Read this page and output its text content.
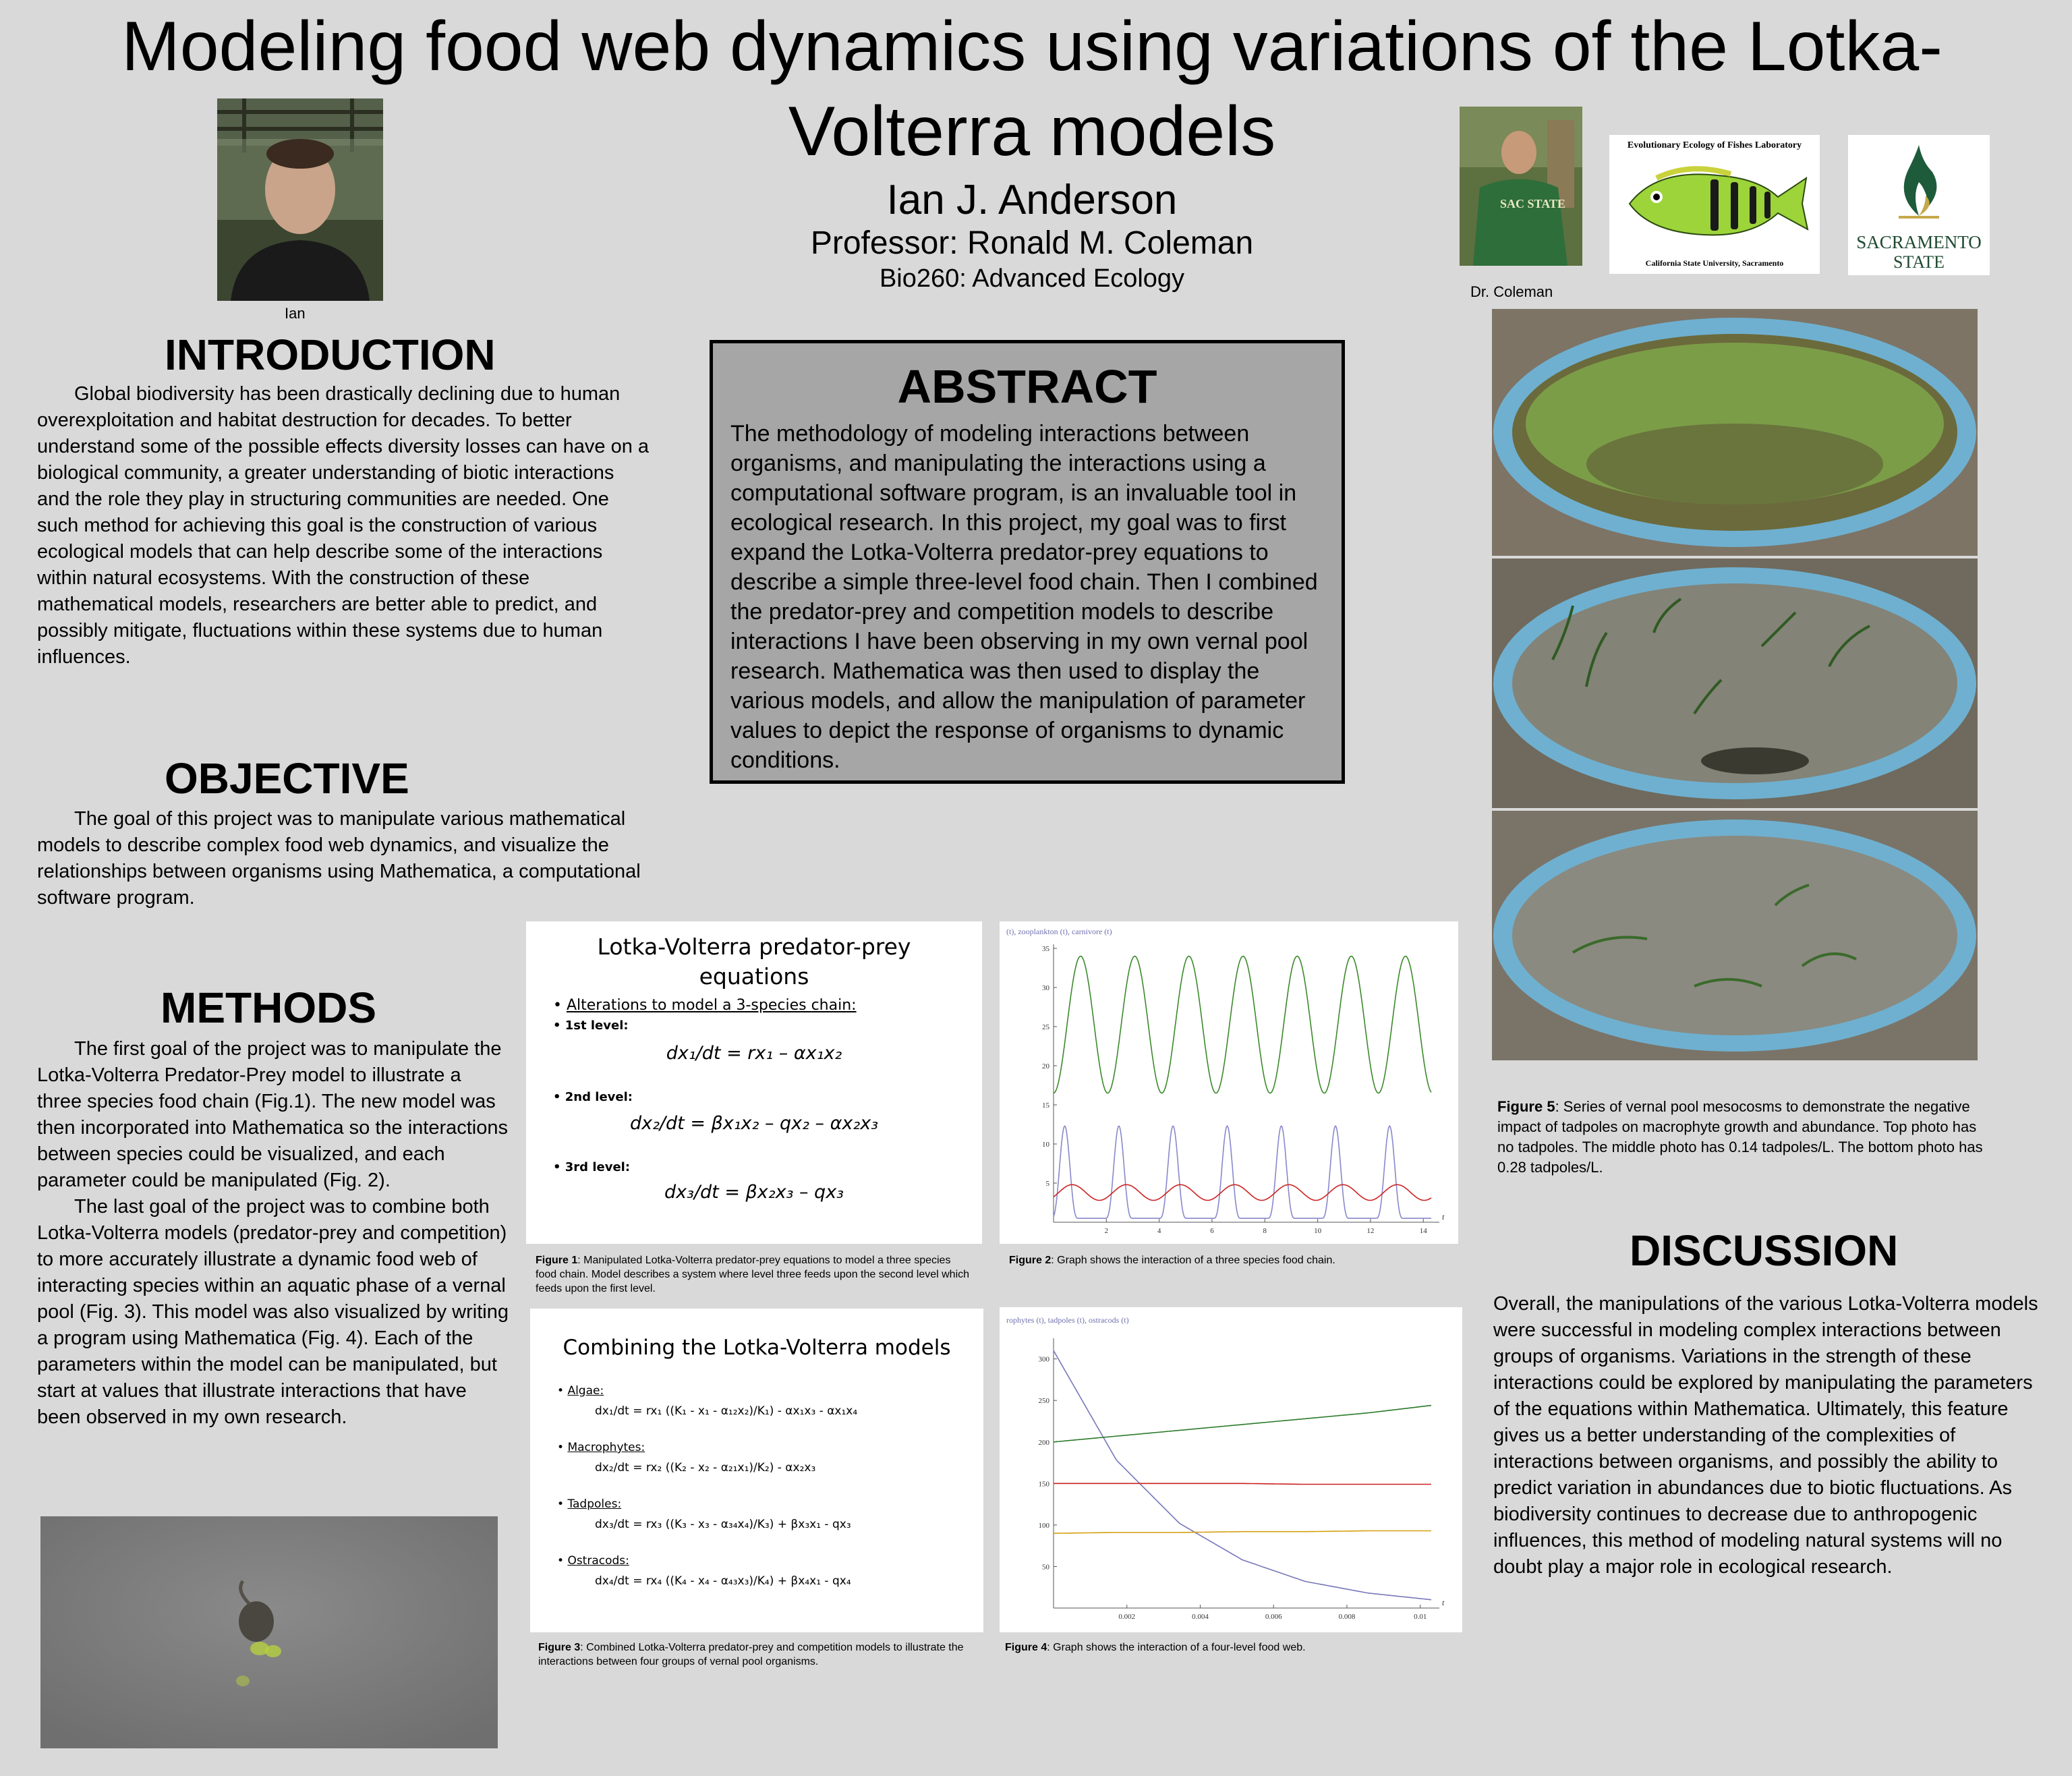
Modeling food web dynamics using variations of the Lotka-Volterra models
Ian J. Anderson
Professor: Ronald M. Coleman
Bio260: Advanced Ecology
Ian
SAC STATE
Dr. Coleman
Evolutionary Ecology of Fishes Laboratory
California State University, Sacramento
SACRAMENTO
STATE
INTRODUCTION

Global biodiversity has been drastically declining due to human overexploitation and habitat destruction for decades. To better understand some of the possible effects diversity losses can have on a biological community, a greater understanding of biotic interactions and the role they play in structuring communities are needed. One such method for achieving this goal is the construction of various ecological models that can help describe some of the interactions within natural ecosystems. With the construction of these mathematical models, researchers are better able to predict, and possibly mitigate, fluctuations within these systems due to human influences.

OBJECTIVE

The goal of this project was to manipulate various mathematical models to describe complex food web dynamics, and visualize the relationships between organisms using Mathematica, a computational software program.

METHODS

The first goal of the project was to manipulate the Lotka-Volterra Predator-Prey model to illustrate a three species food chain (Fig.1). The new model was then incorporated into Mathematica so the interactions between species could be visualized, and each parameter could be manipulated (Fig. 2).

The last goal of the project was to combine both Lotka-Volterra models (predator-prey and competition) to more accurately illustrate a dynamic food web of interacting species within an aquatic phase of a vernal pool (Fig. 3). This model was also visualized by writing a program using Mathematica (Fig. 4). Each of the parameters within the model can be manipulated, but start at values that illustrate interactions that have been observed in my own research.

ABSTRACT
The methodology of modeling interactions between organisms, and manipulating the interactions using a computational software program, is an invaluable tool in ecological research. In this project, my goal was to first expand the Lotka-Volterra predator-prey equations to describe a simple three-level food chain. Then I combined the predator-prey and competition models to describe interactions I have been observing in my own vernal pool research. Mathematica was then used to display the various models, and allow the manipulation of parameter values to depict the response of organisms to dynamic conditions.
Lotka-Volterra predator-prey
equations
• Alterations to model a 3-species chain:
• 1st level:
dx₁/dt = rx₁ – αx₁x₂
• 2nd level:
dx₂/dt = βx₁x₂ – qx₂ – αx₂x₃
• 3rd level:
dx₃/dt = βx₂x₃ – qx₃
Figure 1: Manipulated Lotka-Volterra predator-prey equations to model a three species food chain. Model describes a system where level three feeds upon the second level which feeds upon the first level.
(t), zooplankton (t), carnivore (t)
2	4	6	8	10	12	14
5
10
15
20
25
30
35
t
Figure 2: Graph shows the interaction of a three species food chain.
Combining the Lotka-Volterra models
• Algae:
dx₁/dt = rx₁ ((K₁ - x₁ - α₁₂x₂)/K₁) - αx₁x₃ - αx₁x₄
• Macrophytes:
dx₂/dt = rx₂ ((K₂ - x₂ - α₂₁x₁)/K₂) - αx₂x₃
• Tadpoles:
dx₃/dt = rx₃ ((K₃ - x₃ - α₃₄x₄)/K₃) + βx₃x₁ - qx₃
• Ostracods:
dx₄/dt = rx₄ ((K₄ - x₄ - α₄₃x₃)/K₄) + βx₄x₁ - qx₄
Figure 3: Combined Lotka-Volterra predator-prey and competition models to illustrate the interactions between four groups of vernal pool organisms.
rophytes (t), tadpoles (t), ostracods (t)
0.002	0.004	0.006	0.008	0.01
50
100
150
200
250
300
t
Figure 4: Graph shows the interaction of a four-level food web.
Figure 5: Series of vernal pool mesocosms to demonstrate the negative impact of tadpoles on macrophyte growth and abundance. Top photo has no tadpoles. The middle photo has 0.14 tadpoles/L. The bottom photo has 0.28 tadpoles/L.
DISCUSSION

Overall, the manipulations of the various Lotka-Volterra models were successful in modeling complex interactions between groups of organisms. Variations in the strength of these interactions could be explored by manipulating the parameters of the equations within Mathematica. Ultimately, this feature gives us a better understanding of the complexities of interactions between organisms, and possibly the ability to predict variation in abundances due to biotic fluctuations. As biodiversity continues to decrease due to anthropogenic influences, this method of modeling natural systems will no doubt play a major role in ecological research.
